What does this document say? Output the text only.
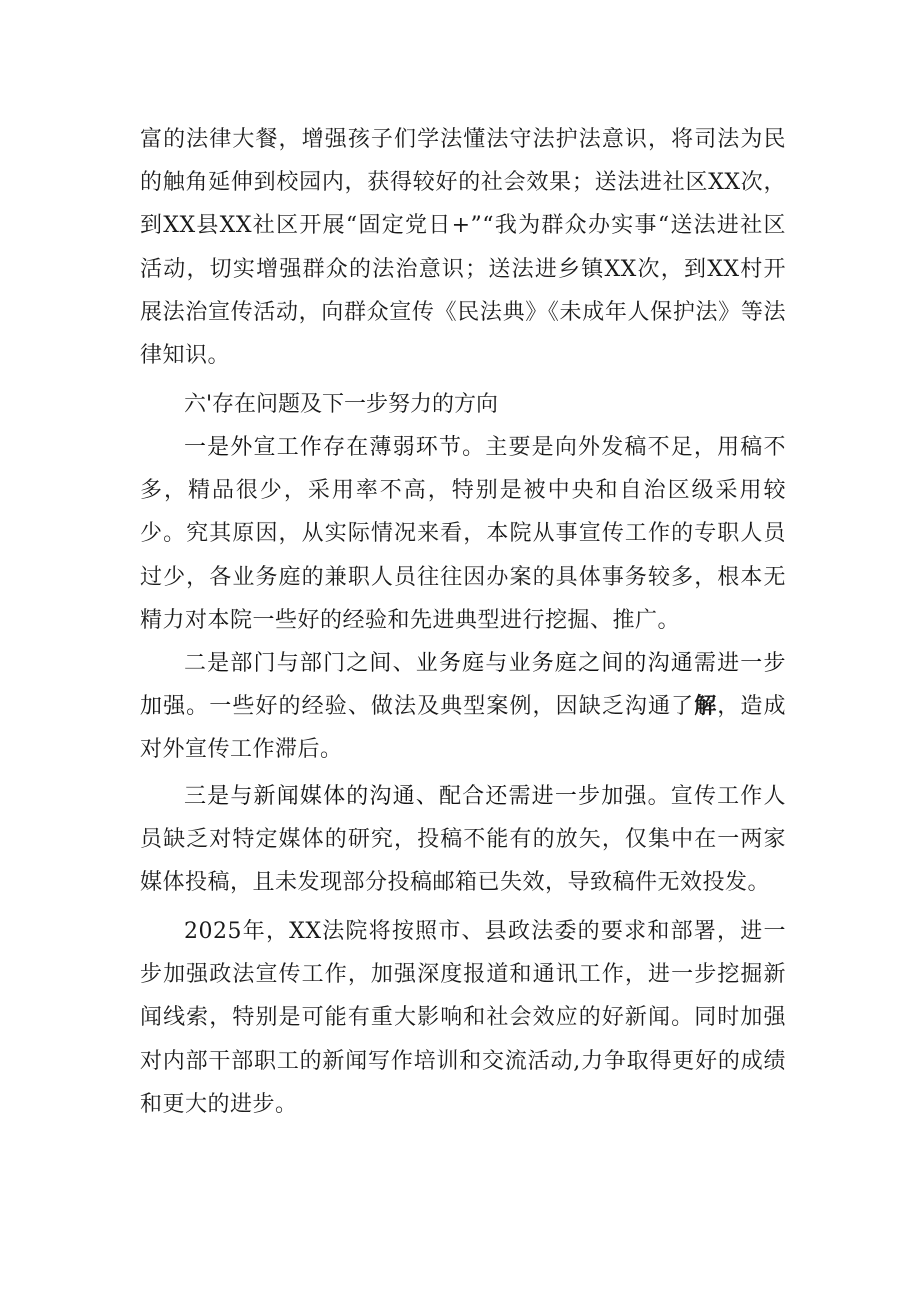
富的法律大餐，增强孩子们学法懂法守法护法意识，将司法为民的触角延伸到校园内，获得较好的社会效果；送法进社区XX次，到XX县XX社区开展“固定党日+”“我为群众办实事“送法进社区活动，切实增强群众的法治意识；送法进乡镇XX次，到XX村开展法治宣传活动，向群众宣传《民法典》《未成年人保护法》等法律知识。

六'存在问题及下一步努力的方向

一是外宣工作存在薄弱环节。主要是向外发稿不足，用稿不多，精品很少，采用率不高，特别是被中央和自治区级采用较少。究其原因，从实际情况来看，本院从事宣传工作的专职人员过少，各业务庭的兼职人员往往因办案的具体事务较多，根本无精力对本院一些好的经验和先进典型进行挖掘、推广。

二是部门与部门之间、业务庭与业务庭之间的沟通需进一步加强。一些好的经验、做法及典型案例，因缺乏沟通了解，造成对外宣传工作滞后。

三是与新闻媒体的沟通、配合还需进一步加强。宣传工作人员缺乏对特定媒体的研究，投稿不能有的放矢，仅集中在一两家媒体投稿，且未发现部分投稿邮箱已失效，导致稿件无效投发。

2025年，XX法院将按照市、县政法委的要求和部署，进一步加强政法宣传工作，加强深度报道和通讯工作，进一步挖掘新闻线索，特别是可能有重大影响和社会效应的好新闻。同时加强对内部干部职工的新闻写作培训和交流活动,力争取得更好的成绩和更大的进步。
